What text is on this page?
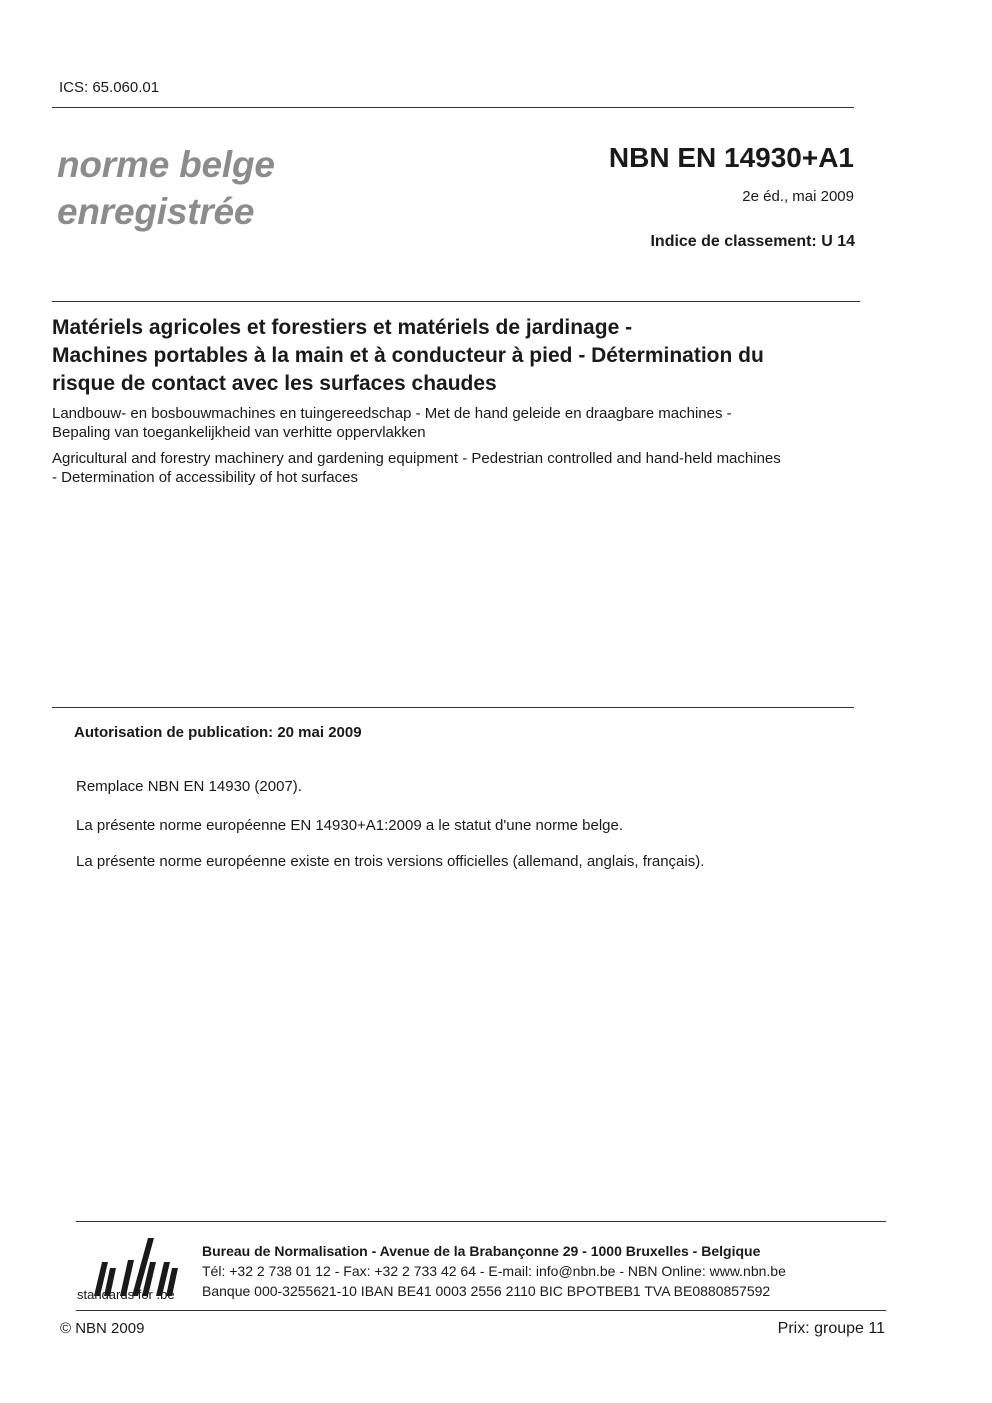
ICS: 65.060.01
norme belge
enregistrée
NBN EN 14930+A1
2e éd., mai 2009
Indice de classement: U 14
Matériels agricoles et forestiers et matériels de jardinage -
Machines portables à la main et à conducteur à pied - Détermination du
risque de contact avec les surfaces chaudes
Landbouw- en bosbouwmachines en tuingereedschap - Met de hand geleide en draagbare machines -
Bepaling van toegankelijkheid van verhitte oppervlakken
Agricultural and forestry machinery and gardening equipment - Pedestrian controlled and hand-held machines
- Determination of accessibility of hot surfaces
Autorisation de publication: 20 mai 2009
Remplace NBN EN 14930 (2007).
La présente norme européenne EN 14930+A1:2009 a le statut d'une norme belge.
La présente norme européenne existe en trois versions officielles (allemand, anglais, français).
standards for .be
Bureau de Normalisation - Avenue de la Brabançonne 29 - 1000 Bruxelles - Belgique
Tél: +32 2 738 01 12 - Fax: +32 2 733 42 64 - E-mail: info@nbn.be - NBN Online: www.nbn.be
Banque 000-3255621-10 IBAN BE41 0003 2556 2110 BIC BPOTBEB1 TVA BE0880857592
© NBN 2009	Prix: groupe 11
